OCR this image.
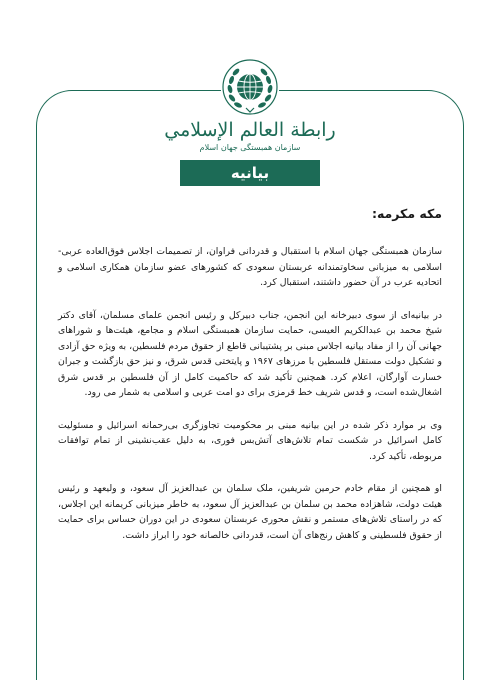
رابطة العالم الإسلامي
سازمان همبستگی جهان اسلام
بیانیه

مکه مکرمه:

سازمان همبستگی جهان اسلام با استقبال و قدردانی فراوان، از تصمیمات اجلاس فوق‌العاده عربی-اسلامی به میزبانی سخاوتمندانه عربستان سعودی که کشورهای عضو سازمان همکاری اسلامی و اتحادیه عرب در آن حضور داشتند، استقبال کرد.

در بیانیه‌ای از سوی دبیرخانه این انجمن، جناب دبیرکل و رئیس انجمن علمای مسلمان، آقای دکتر شیخ محمد بن عبدالکریم العیسی، حمایت سازمان همبستگی اسلام و مجامع، هیئت‌ها و شوراهای جهانی آن را از مفاد بیانیه اجلاس مبنی بر پشتیبانی قاطع از حقوق مردم فلسطین، به ویژه حق آزادی و تشکیل دولت مستقل فلسطین با مرزهای ۱۹۶۷ و پایتختی قدس شرق، و نیز حق بازگشت و جبران خسارت آوارگان، اعلام کرد. همچنین تأکید شد که حاکمیت کامل از آن فلسطین بر قدس شرق اشغال‌شده است، و قدس شریف خط قرمزی برای دو امت عربی و اسلامی به شمار می رود.

وی بر موارد ذکر شده در این بیانیه مبنی بر محکومیت تجاوزگری بی‌رحمانه اسرائیل و مسئولیت کامل اسرائیل در شکست تمام تلاش‌های آتش‌بس فوری، به دلیل عقب‌نشینی از تمام توافقات مربوطه، تأکید کرد.

او همچنین از مقام خادم حرمین شریفین، ملک سلمان بن عبدالعزیز آل سعود، و ولیعهد و رئیس هیئت دولت، شاهزاده محمد بن سلمان بن عبدالعزیز آل سعود، به خاطر میزبانی کریمانه این اجلاس، که در راستای تلاش‌های مستمر و نقش محوری عربستان سعودی در این دوران حساس برای حمایت از حقوق فلسطینی و کاهش رنج‌های آن است، قدردانی خالصانه خود را ابراز داشت.
